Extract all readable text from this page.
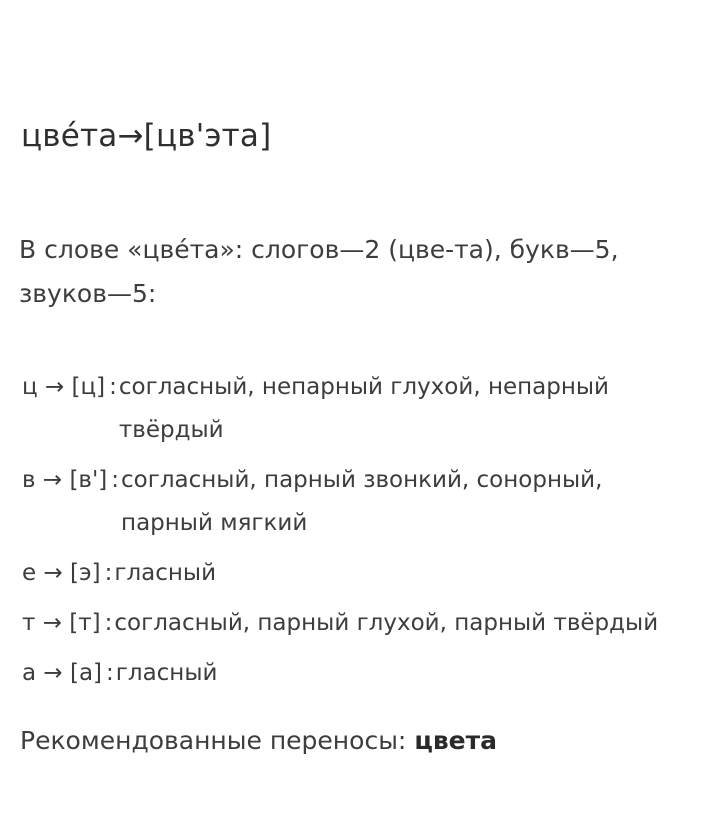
цве́та→[цв'эта]
В слове «цве́та»: слогов—2 (цве-та), букв—5, звуков—5:
ц → [ц] : согласный, непарный глухой, непарный твёрдый
в → [в'] : согласный, парный звонкий, сонорный, парный мягкий
е → [э] : гласный
т → [т] : согласный, парный глухой, парный твёрдый
а → [а] : гласный
Рекомендованные переносы: цвета
